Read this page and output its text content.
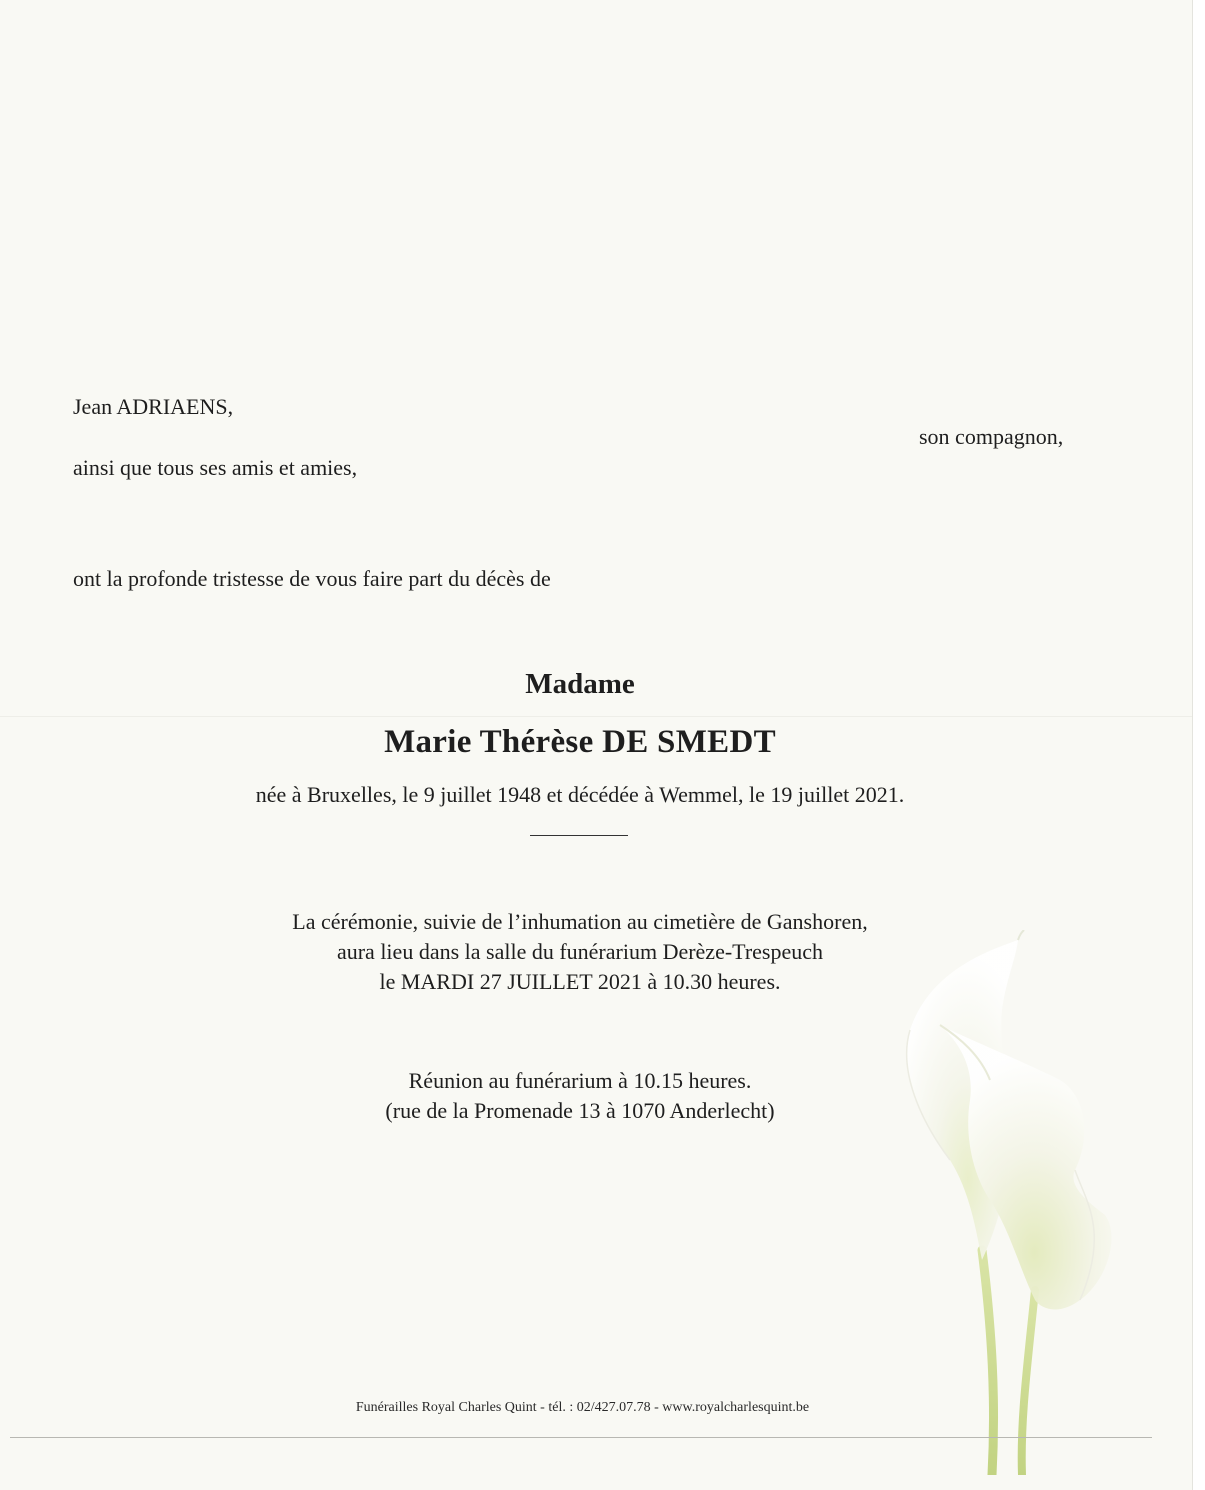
Jean ADRIAENS,
son compagnon,
ainsi que tous ses amis et amies,
ont la profonde tristesse de vous faire part du décès de
Madame
Marie Thérèse DE SMEDT
née à Bruxelles, le 9 juillet 1948 et décédée à Wemmel, le 19 juillet 2021.
La cérémonie, suivie de l’inhumation au cimetière de Ganshoren,
aura lieu dans la salle du funérarium Derèze-Trespeuch
le MARDI 27 JUILLET 2021 à 10.30 heures.
Réunion au funérarium à 10.15 heures.
(rue de la Promenade 13 à 1070 Anderlecht)
Funérailles Royal Charles Quint - tél. : 02/427.07.78 - www.royalcharlesquint.be
